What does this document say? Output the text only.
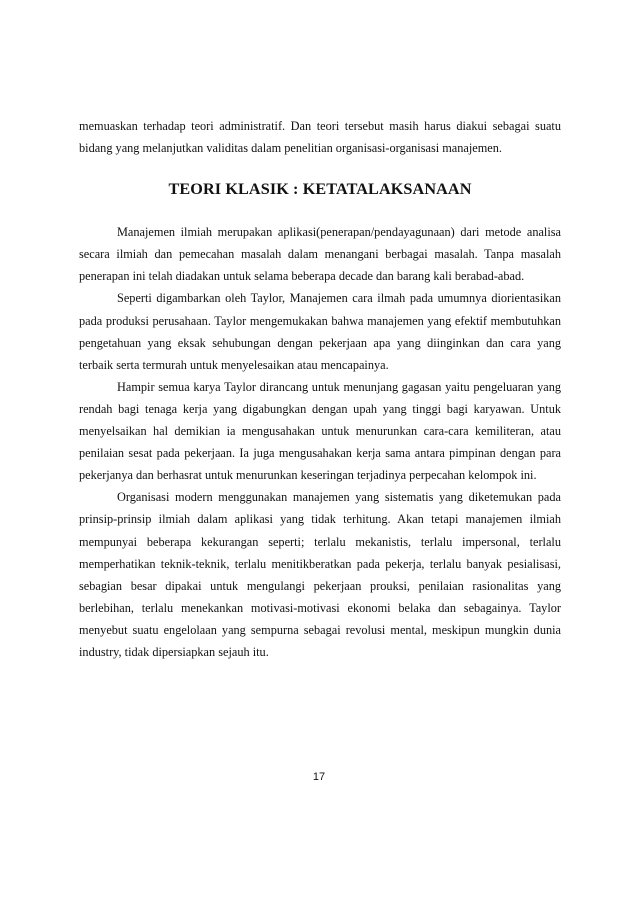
memuaskan terhadap teori administratif. Dan teori tersebut masih harus diakui sebagai suatu bidang yang melanjutkan validitas dalam penelitian organisasi-organisasi manajemen.

TEORI KLASIK : KETATALAKSANAAN

Manajemen ilmiah merupakan aplikasi(penerapan/pendayagunaan) dari metode analisa secara ilmiah dan pemecahan masalah dalam menangani berbagai masalah. Tanpa masalah penerapan ini telah diadakan untuk selama beberapa decade dan barang kali berabad-abad.

Seperti digambarkan oleh Taylor, Manajemen cara ilmah pada umumnya diorientasikan pada produksi perusahaan. Taylor mengemukakan bahwa manajemen yang efektif membutuhkan pengetahuan yang eksak sehubungan dengan pekerjaan apa yang diinginkan dan cara yang terbaik serta termurah untuk menyelesaikan atau mencapainya.

Hampir semua karya Taylor dirancang untuk menunjang gagasan yaitu pengeluaran yang rendah bagi tenaga kerja yang digabungkan dengan upah yang tinggi bagi karyawan. Untuk menyelsaikan hal demikian ia mengusahakan untuk menurunkan cara-cara kemiliteran, atau penilaian sesat pada pekerjaan. Ia juga mengusahakan kerja sama antara pimpinan dengan para pekerjanya dan berhasrat untuk menurunkan keseringan terjadinya perpecahan kelompok ini.

Organisasi modern menggunakan manajemen yang sistematis yang diketemukan pada prinsip-prinsip ilmiah dalam aplikasi yang tidak terhitung. Akan tetapi manajemen ilmiah mempunyai beberapa kekurangan seperti; terlalu mekanistis, terlalu impersonal, terlalu memperhatikan teknik-teknik, terlalu menitikberatkan pada pekerja, terlalu banyak pesialisasi, sebagian besar dipakai untuk mengulangi pekerjaan prouksi, penilaian rasionalitas yang berlebihan, terlalu menekankan motivasi-motivasi ekonomi belaka dan sebagainya. Taylor menyebut suatu engelolaan yang sempurna sebagai revolusi mental, meskipun mungkin dunia industry, tidak dipersiapkan sejauh itu.

17
